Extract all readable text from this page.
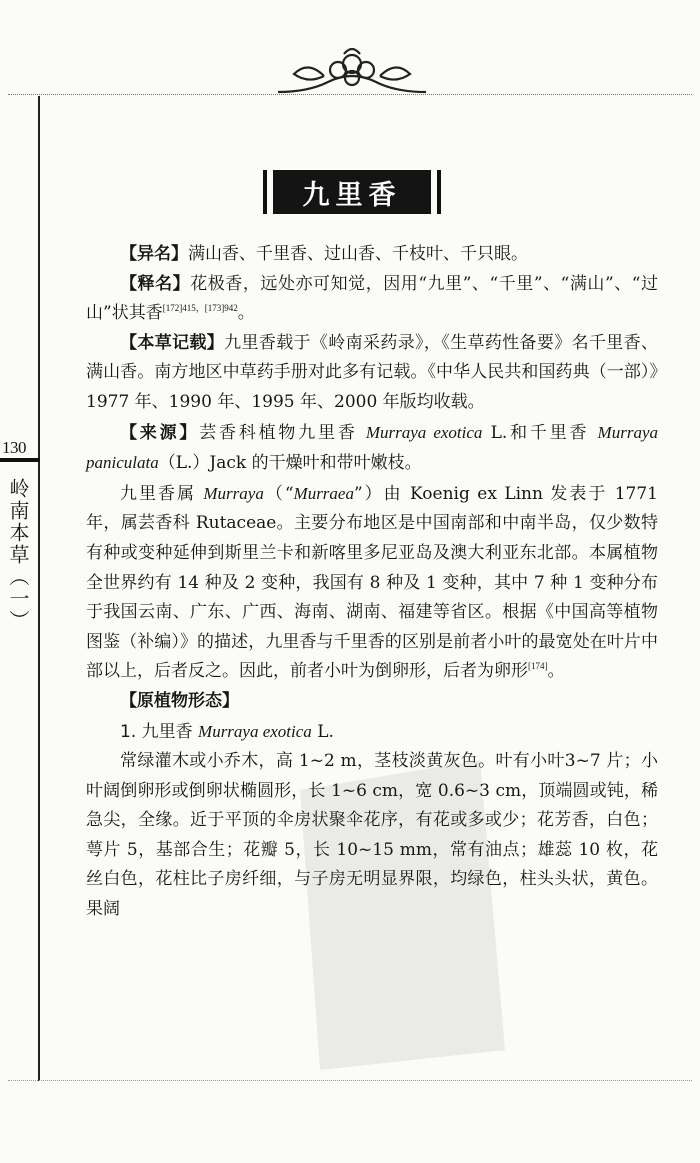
130
岭南本草（一）
九里香

【异名】满山香、千里香、过山香、千枝叶、千只眼。

【释名】花极香，远处亦可知觉，因用“九里”、“千里”、“满山”、“过山”状其香$^{[172]415,[173]942}$。

【本草记载】九里香载于《岭南采药录》，《生草药性备要》名千里香、满山香。南方地区中草药手册对此多有记载。《中华人民共和国药典（一部）》1977 年、1990 年、1995 年、2000 年版均收载。

【来源】芸香科植物九里香 Murraya exotica L.和千里香 Murraya paniculata（L.）Jack 的干燥叶和带叶嫩枝。

九里香属 Murraya（“Murraea”）由 Koenig ex Linn 发表于 1771 年，属芸香科 Rutaceae。主要分布地区是中国南部和中南半岛，仅少数特有种或变种延伸到斯里兰卡和新喀里多尼亚岛及澳大利亚东北部。本属植物全世界约有 14 种及 2 变种，我国有 8 种及 1 变种，其中 7 种 1 变种分布于我国云南、广东、广西、海南、湖南、福建等省区。根据《中国高等植物图鉴（补编）》的描述，九里香与千里香的区别是前者小叶的最宽处在叶片中部以上，后者反之。因此，前者小叶为倒卵形，后者为卵形[174]。

【原植物形态】

1. 九里香 Murraya exotica L.

常绿灌木或小乔木，高 1~2 m，茎枝淡黄灰色。叶有小叶3~7 片；小叶阔倒卵形或倒卵状椭圆形，长 1~6 cm，宽 0.6~3 cm，顶端圆或钝，稀急尖，全缘。近于平顶的伞房状聚伞花序，有花或多或少；花芳香，白色；萼片 5，基部合生；花瓣 5，长 10~15 mm，常有油点；雄蕊 10 枚，花丝白色，花柱比子房纤细，与子房无明显界限，均绿色，柱头头状，黄色。果阔
